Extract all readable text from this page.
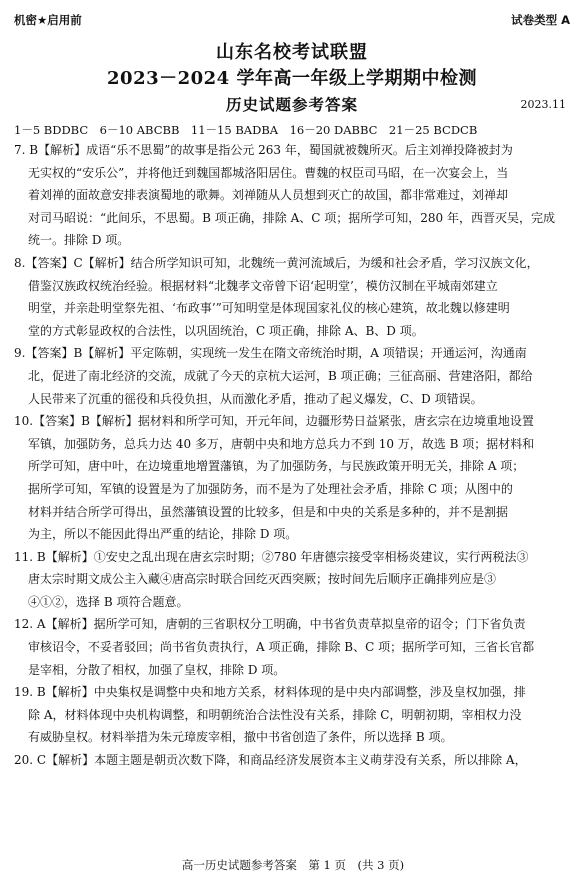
机密★启用前	试卷类型 A
山东名校考试联盟
2023－2024 学年高一年级上学期期中检测
历史试题参考答案	2023.11
1－5 BDDBC　6－10 ABCBB　11－15 BADBA　16－20 DABBC　21－25 BCDCB
7. B【解析】成语“乐不思蜀”的故事是指公元 263 年，蜀国就被魏所灭。后主刘禅投降被封为
无实权的“安乐公”，并将他迁到魏国都城洛阳居住。曹魏的权臣司马昭，在一次宴会上，当
着刘禅的面故意安排表演蜀地的歌舞。刘禅随从人员想到灭亡的故国，都非常难过，刘禅却
对司马昭说：“此间乐，不思蜀。B 项正确，排除 A、C 项；据所学可知，280 年，西晋灭吴，完成
统一。排除 D 项。
8.【答案】C【解析】结合所学知识可知，北魏统一黄河流域后，为缓和社会矛盾，学习汉族文化，
借鉴汉族政权统治经验。根据材料“北魏孝文帝曾下诏‘起明堂’，模仿汉制在平城南郊建立
明堂，并亲赴明堂祭先祖、‘布政事’”可知明堂是体现国家礼仪的核心建筑，故北魏以修建明
堂的方式彰显政权的合法性，以巩固统治，C 项正确，排除 A、B、D 项。
9.【答案】B【解析】平定陈朝，实现统一发生在隋文帝统治时期，A 项错误；开通运河，沟通南
北，促进了南北经济的交流，成就了今天的京杭大运河，B 项正确；三征高丽、营建洛阳，都给
人民带来了沉重的徭役和兵役负担，从而激化矛盾，推动了起义爆发，C、D 项错误。
10.【答案】B【解析】据材料和所学可知，开元年间，边疆形势日益紧张，唐玄宗在边境重地设置
军镇，加强防务，总兵力达 40 多万，唐朝中央和地方总兵力不到 10 万，故选 B 项；据材料和
所学可知，唐中叶，在边境重地增置藩镇，为了加强防务，与民族政策开明无关，排除 A 项；
据所学可知，军镇的设置是为了加强防务，而不是为了处理社会矛盾，排除 C 项；从图中的
材料并结合所学可得出，虽然藩镇设置的比较多，但是和中央的关系是多种的，并不是割据
为主，所以不能因此得出严重的结论，排除 D 项。
11. B【解析】①安史之乱出现在唐玄宗时期；②780 年唐德宗接受宰相杨炎建议，实行两税法③
唐太宗时期文成公主入藏④唐高宗时联合回纥灭西突厥；按时间先后顺序正确排列应是③
④①②，选择 B 项符合题意。
12. A【解析】据所学可知，唐朝的三省职权分工明确，中书省负责草拟皇帝的诏令；门下省负责
审核诏令，不妥者驳回；尚书省负责执行，A 项正确，排除 B、C 项；据所学可知，三省长官都
是宰相，分散了相权，加强了皇权，排除 D 项。
19. B【解析】中央集权是调整中央和地方关系，材料体现的是中央内部调整，涉及皇权加强，排
除 A，材料体现中央机构调整，和明朝统治合法性没有关系，排除 C，明朝初期，宰相权力没
有威胁皇权。材料举措为朱元璋废宰相，撤中书省创造了条件，所以选择 B 项。
20. C【解析】本题主题是朝贡次数下降，和商品经济发展资本主义萌芽没有关系，所以排除 A，
高一历史试题参考答案　第 1 页　(共 3 页)
